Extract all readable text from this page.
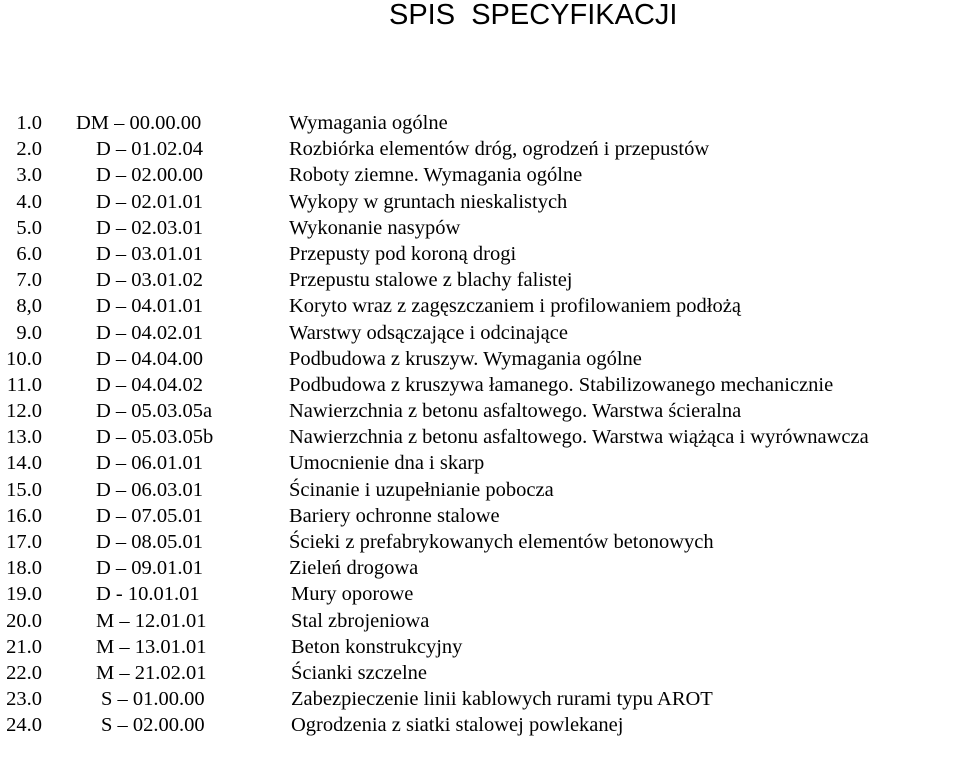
SPIS  SPECYFIKACJI
1.0 DM – 00.00.00	Wymagania ogólne
2.0	D – 01.02.04	Rozbiórka elementów dróg, ogrodzeń i przepustów
3.0	D – 02.00.00	Roboty ziemne. Wymagania ogólne
4.0	D – 02.01.01	Wykopy w gruntach nieskalistych
5.0	D – 02.03.01	Wykonanie nasypów
6.0	D – 03.01.01	Przepusty pod koroną drogi
7.0	D – 03.01.02	Przepustu stalowe z blachy falistej
8,0	D – 04.01.01	Koryto wraz z zagęszczaniem i profilowaniem podłożą
9.0	D – 04.02.01	Warstwy odsączające i odcinające
10.0	D – 04.04.00	Podbudowa z kruszyw. Wymagania ogólne
11.0	D – 04.04.02	Podbudowa z kruszywa łamanego. Stabilizowanego mechanicznie
12.0	D – 05.03.05a	Nawierzchnia z betonu asfaltowego. Warstwa ścieralna
13.0	D – 05.03.05b	Nawierzchnia z betonu asfaltowego. Warstwa wiążąca i wyrównawcza
14.0	D – 06.01.01	Umocnienie dna i skarp
15.0	D – 06.03.01	Ścinanie i uzupełnianie pobocza
16.0	D – 07.05.01	Bariery ochronne stalowe
17.0	D – 08.05.01	Ścieki z prefabrykowanych elementów betonowych
18.0	D – 09.01.01	Zieleń drogowa
19.0	D - 10.01.01	Mury oporowe
20.0	M – 12.01.01	Stal zbrojeniowa
21.0	M – 13.01.01	Beton konstrukcyjny
22.0	M – 21.02.01	Ścianki szczelne
23.0	S – 01.00.00	Zabezpieczenie linii kablowych rurami typu AROT
24.0	S – 02.00.00	Ogrodzenia z siatki stalowej powlekanej
